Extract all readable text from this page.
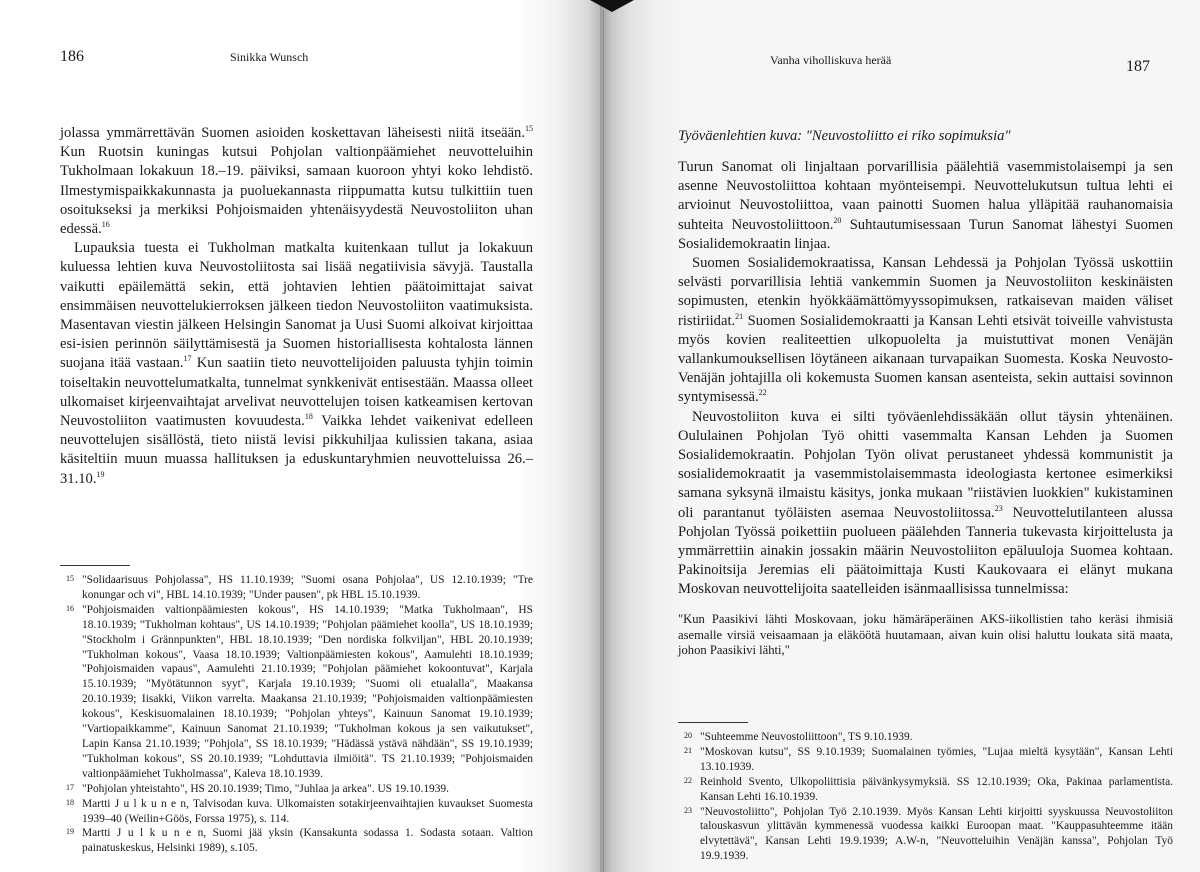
186	Sinikka Wunsch

jolassa ymmärrettävän Suomen asioiden koskettavan läheisesti niitä itseään.$^{15}$ Kun Ruotsin kuningas kutsui Pohjolan valtionpäämiehet neuvotteluihin Tukholmaan lokakuun 18.–19. päiviksi, samaan kuoroon yhtyi koko lehdistö. Ilmestymispaikkakunnasta ja puoluekannasta riippumatta kutsu tulkittiin tuen osoitukseksi ja merkiksi Pohjoismaiden yhtenäisyydestä Neuvostoliiton uhan edessä.$^{16}$

Lupauksia tuesta ei Tukholman matkalta kuitenkaan tullut ja lokakuun kuluessa lehtien kuva Neuvostoliitosta sai lisää negatiivisia sävyjä. Taustalla vaikutti epäilemättä sekin, että johtavien lehtien päätoimittajat saivat ensimmäisen neuvottelukierroksen jälkeen tiedon Neuvostoliiton vaatimuksista. Masentavan viestin jälkeen Helsingin Sanomat ja Uusi Suomi alkoivat kirjoittaa esi-isien perinnön säilyttämisestä ja Suomen historiallisesta kohtalosta lännen suojana itää vastaan.$^{17}$ Kun saatiin tieto neuvottelijoiden paluusta tyhjin toimin toiseltakin neuvottelumatkalta, tunnelmat synkkenivät entisestään. Maassa olleet ulkomaiset kirjeenvaihtajat arvelivat neuvottelujen toisen katkeamisen kertovan Neuvostoliiton vaatimusten kovuudesta.$^{18}$ Vaikka lehdet vaikenivat edelleen neuvottelujen sisällöstä, tieto niistä levisi pikkuhiljaa kulissien takana, asiaa käsiteltiin muun muassa hallituksen ja eduskuntaryhmien neuvotteluissa 26.–31.10.19

15 "Solidaarisuus Pohjolassa", HS 11.10.1939; "Suomi osana Pohjolaa", US 12.10.1939; "Tre konungar och vi", HBL 14.10.1939; "Under pausen", pk HBL 15.10.1939.
16 "Pohjoismaiden valtionpäämiesten kokous", HS 14.10.1939; "Matka Tukholmaan", HS 18.10.1939; "Tukholman kohtaus", US 14.10.1939; "Pohjolan päämiehet koolla", US 18.10.1939; "Stockholm i Grännpunkten", HBL 18.10.1939; "Den nordiska folkviljan", HBL 20.10.1939; "Tukholman kokous", Vaasa 18.10.1939; Valtionpäämiesten kokous", Aamulehti 18.10.1939; "Pohjoismaiden vapaus", Aamulehti 21.10.1939; "Pohjolan päämiehet kokoontuvat", Karjala 15.10.1939; "Myötätunnon syyt", Karjala 19.10.1939; "Suomi oli etualalla", Maakansa 20.10.1939; Iisakki, Viikon varrelta. Maakansa 21.10.1939; "Pohjoismaiden valtionpäämiesten kokous", Keskisuomalainen 18.10.1939; "Pohjolan yhteys", Kainuun Sanomat 19.10.1939; "Vartiopaikkamme", Kainuun Sanomat 21.10.1939; "Tukholman kokous ja sen vaikutukset", Lapin Kansa 21.10.1939; "Pohjola", SS 18.10.1939; "Hädässä ystävä nähdään", SS 19.10.1939; "Tukholman kokous", SS 20.10.1939; "Lohduttavia ilmiöitä". TS 21.10.1939; "Pohjoismaiden valtionpäämiehet Tukholmassa", Kaleva 18.10.1939.
17 "Pohjolan yhteistahto", HS 20.10.1939; Timo, "Juhlaa ja arkea". US 19.10.1939.
18 Martti J u l k u n e n, Talvisodan kuva. Ulkomaisten sotakirjeenvaihtajien kuvaukset Suomesta 1939–40 (Weilin+Göös, Forssa 1975), s. 114.
19 Martti J u l k u n e n, Suomi jää yksin (Kansakunta sodassa 1. Sodasta sotaan. Valtion painatuskeskus, Helsinki 1989), s.105.
Vanha viholliskuva herää	187
Työväenlehtien kuva: "Neuvostoliitto ei riko sopimuksia"

Turun Sanomat oli linjaltaan porvarillisia päälehtiä vasemmistolaisempi ja sen asenne Neuvostoliittoa kohtaan myönteisempi. Neuvottelukutsun tultua lehti ei arvioinut Neuvostoliittoa, vaan painotti Suomen halua ylläpitää rauhanomaisia suhteita Neuvostoliittoon.$^{20}$ Suhtautumisessaan Turun Sanomat lähestyi Suomen Sosialidemokraatin linjaa.

Suomen Sosialidemokraatissa, Kansan Lehdessä ja Pohjolan Työssä uskottiin selvästi porvarillisia lehtiä vankemmin Suomen ja Neuvostoliiton keskinäisten sopimusten, etenkin hyökkäämättömyyssopimuksen, ratkaisevan maiden väliset ristiriidat.$^{21}$ Suomen Sosialidemokraatti ja Kansan Lehti etsivät toiveille vahvistusta myös kovien realiteettien ulkopuolelta ja muistuttivat monen Venäjän vallankumouksellisen löytäneen aikanaan turvapaikan Suomesta. Koska Neuvosto-Venäjän johtajilla oli kokemusta Suomen kansan asenteista, sekin auttaisi sovinnon syntymisessä.$^{22}$

Neuvostoliiton kuva ei silti työväenlehdissäkään ollut täysin yhtenäinen. Oululainen Pohjolan Työ ohitti vasemmalta Kansan Lehden ja Suomen Sosialidemokraatin. Pohjolan Työn olivat perustaneet yhdessä kommunistit ja sosialidemokraatit ja vasemmistolaisemmasta ideologiasta kertonee esimerkiksi samana syksynä ilmaistu käsitys, jonka mukaan "riistävien luokkien" kukistaminen oli parantanut työläisten asemaa Neuvostoliitossa.$^{23}$ Neuvottelutilanteen alussa Pohjolan Työssä poikettiin puolueen päälehden Tanneria tukevasta kirjoittelusta ja ymmärrettiin ainakin jossakin määrin Neuvostoliiton epäluuloja Suomea kohtaan. Pakinoitsija Jeremias eli päätoimittaja Kusti Kaukovaara ei elänyt mukana Moskovan neuvottelijoita saatelleiden isänmaallisissa tunnelmissa:

"Kun Paasikivi lähti Moskovaan, joku hämäräperäinen AKS-iikollistien taho keräsi ihmisiä asemalle virsiä veisaamaan ja eläköötä huutamaan, aivan kuin olisi haluttu loukata sitä maata, johon Paasikivi lähti,"
20 "Suhteemme Neuvostoliittoon", TS 9.10.1939.
21 "Moskovan kutsu", SS 9.10.1939; Suomalainen työmies, "Lujaa mieltä kysytään", Kansan Lehti 13.10.1939.
22 Reinhold Svento, Ulkopoliittisia päivänkysymyksiä. SS 12.10.1939; Oka, Pakinaa parlamentista. Kansan Lehti 16.10.1939.
23 "Neuvostoliitto", Pohjolan Työ 2.10.1939. Myös Kansan Lehti kirjoitti syyskuussa Neuvostoliiton talouskasvun ylittävän kymmenessä vuodessa kaikki Euroopan maat. "Kauppasuhteemme itään elvytettävä", Kansan Lehti 19.9.1939; A.W-n, "Neuvotteluihin Venäjän kanssa", Pohjolan Työ 19.9.1939.
